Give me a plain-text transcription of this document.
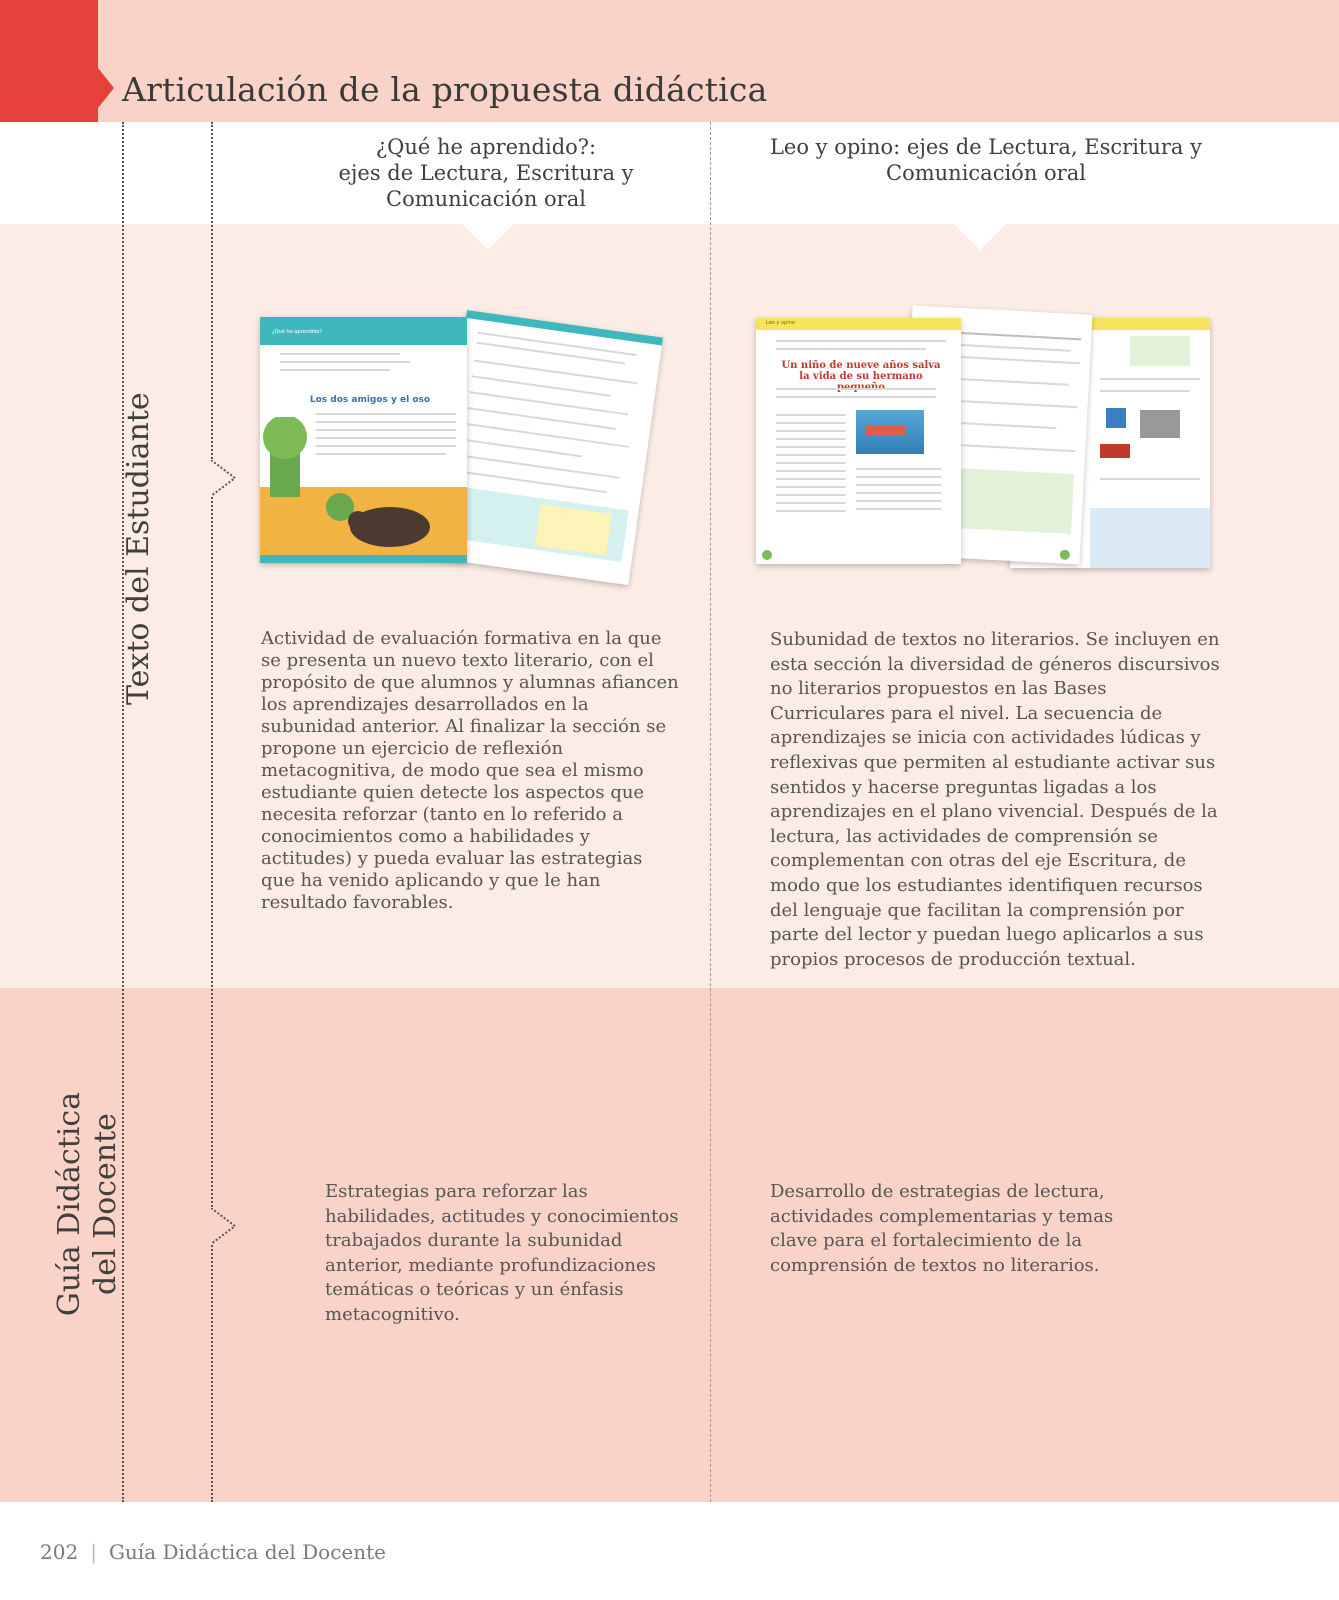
Articulación de la propuesta didáctica
¿Qué he aprendido?:
ejes de Lectura, Escritura y
Comunicación oral
Leo y opino: ejes de Lectura, Escritura y
Comunicación oral
Texto del Estudiante
Guía Didáctica del Docente
¿Qué he aprendido?
Los dos amigos y el oso
Leo y opino
Un niño de nueve años salva la vida de su hermano
Actividad de evaluación formativa en la que se presenta un nuevo texto literario, con el propósito de que alumnos y alumnas afiancen los aprendizajes desarrollados en la subunidad anterior. Al finalizar la sección se propone un ejercicio de reflexión metacognitiva, de modo que sea el mismo estudiante quien detecte los aspectos que necesita reforzar (tanto en lo referido a conocimientos como a habilidades y actitudes) y pueda evaluar las estrategias que ha venido aplicando y que le han resultado favorables.
Subunidad de textos no literarios. Se incluyen en esta sección la diversidad de géneros discursivos no literarios propuestos en las Bases Curriculares para el nivel. La secuencia de aprendizajes se inicia con actividades lúdicas y reflexivas que permiten al estudiante activar sus sentidos y hacerse preguntas ligadas a los aprendizajes en el plano vivencial. Después de la lectura, las actividades de comprensión se complementan con otras del eje Escritura, de modo que los estudiantes identifiquen recursos del lenguaje que facilitan la comprensión por parte del lector y puedan luego aplicarlos a sus propios procesos de producción textual.
Estrategias para reforzar las habilidades, actitudes y conocimientos trabajados durante la subunidad anterior, mediante profundizaciones temáticas o teóricas y un énfasis metacognitivo.
Desarrollo de estrategias de lectura, actividades complementarias y temas clave para el fortalecimiento de la comprensión de textos no literarios.
202 | Guía Didáctica del Docente
